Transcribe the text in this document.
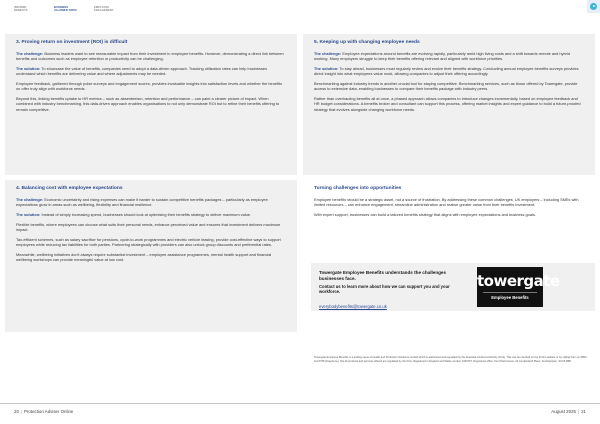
INSURED BENEFITS
BUSINESS ALLOWED TOPIC
EMPLOYEE ENGAGEMENT
3. Proving return on investment (ROI) is difficult
The challenge: Business leaders want to see measurable impact from their investment in employee benefits. However, demonstrating a direct link between benefits and outcomes such as employee retention or productivity can be challenging.
The solution: To showcase the value of benefits, companies need to adopt a data-driven approach. Tracking utilisation rates can help businesses understand which benefits are delivering value and where adjustments may be needed.
Employee feedback, gathered through pulse surveys and engagement scores, provides invaluable insights into satisfaction levels and whether the benefits on offer truly align with workforce needs.
Beyond this, linking benefits uptake to HR metrics – such as absenteeism, retention and performance – can paint a clearer picture of impact. When combined with industry benchmarking, this data-driven approach enables organisations to not only demonstrate ROI but to refine their benefits offering to remain competitive.
5. Keeping up with changing employee needs
The challenge: Employee expectations around benefits are evolving rapidly, particularly amid high living costs and a shift towards remote and hybrid working. Many employers struggle to keep their benefits offering relevant and aligned with workforce priorities.
The solution: To stay ahead, businesses must regularly review and evolve their benefits strategy. Conducting annual employee benefits surveys provides direct insight into what employees value most, allowing companies to adjust their offering accordingly.
Benchmarking against industry trends is another crucial tool for staying competitive. Benchmarking services, such as those offered by Towergate, provide access to extensive data, enabling businesses to compare their benefits package with industry peers.
Rather than overhauling benefits all at once, a phased approach allows companies to introduce changes incrementally, based on employee feedback and HR budget considerations. A benefits broker and consultant can support this process, offering market insights and expert guidance to build a future-proofed strategy that evolves alongside changing workforce needs.
4. Balancing cost with employee expectations
The challenge: Economic uncertainty and rising expenses can make it harder to sustain competitive benefits packages – particularly as employee expectations grow in areas such as wellbeing, flexibility and financial resilience.
The solution: Instead of simply increasing spend, businesses should look at optimising their benefits strategy to deliver maximum value.
Flexible benefits, where employees can choose what suits their personal needs, enhance perceived value and ensures that investment delivers maximum impact.
Tax-efficient schemes, such as salary sacrifice for pensions, cycle-to-work programmes and electric vehicle leasing, provide cost-effective ways to support employees while reducing tax liabilities for both parties. Partnering strategically with providers can also unlock group discounts and preferential rates.
Meanwhile, wellbeing initiatives don't always require substantial investment – employee assistance programmes, mental health support and financial wellbeing workshops can provide meaningful value at low cost.
Turning challenges into opportunities
Employee benefits should be a strategic asset, not a source of frustration. By addressing these common challenges, UK employers – including SMEs with limited resources – can enhance engagement, streamline administration and realise greater value from their benefits investment.
With expert support, businesses can build a tailored benefits strategy that aligns with employee expectations and business goals.
Towergate Employee Benefits understands the challenges businesses face.
Contact us to learn more about how we can support you and your workforce.
everybodybenefits@towergate.co.uk
towergate
Employee Benefits
Towergate Employee Benefits is a trading name of Health and Protection Solutions Limited which is authorised and regulated by the Financial Conduct Authority (FCA). This can be checked on the FCA's website or by calling them on 0800 111 6768 (freephone). Not all products and services offered are regulated by the FCA. Registered in England and Wales number 4397097. Registered office: Kent Park House, 22 Cumberland Place, Southampton, SO15 2BB.
20 | Protection Adviser Online	August 2025 | 21
